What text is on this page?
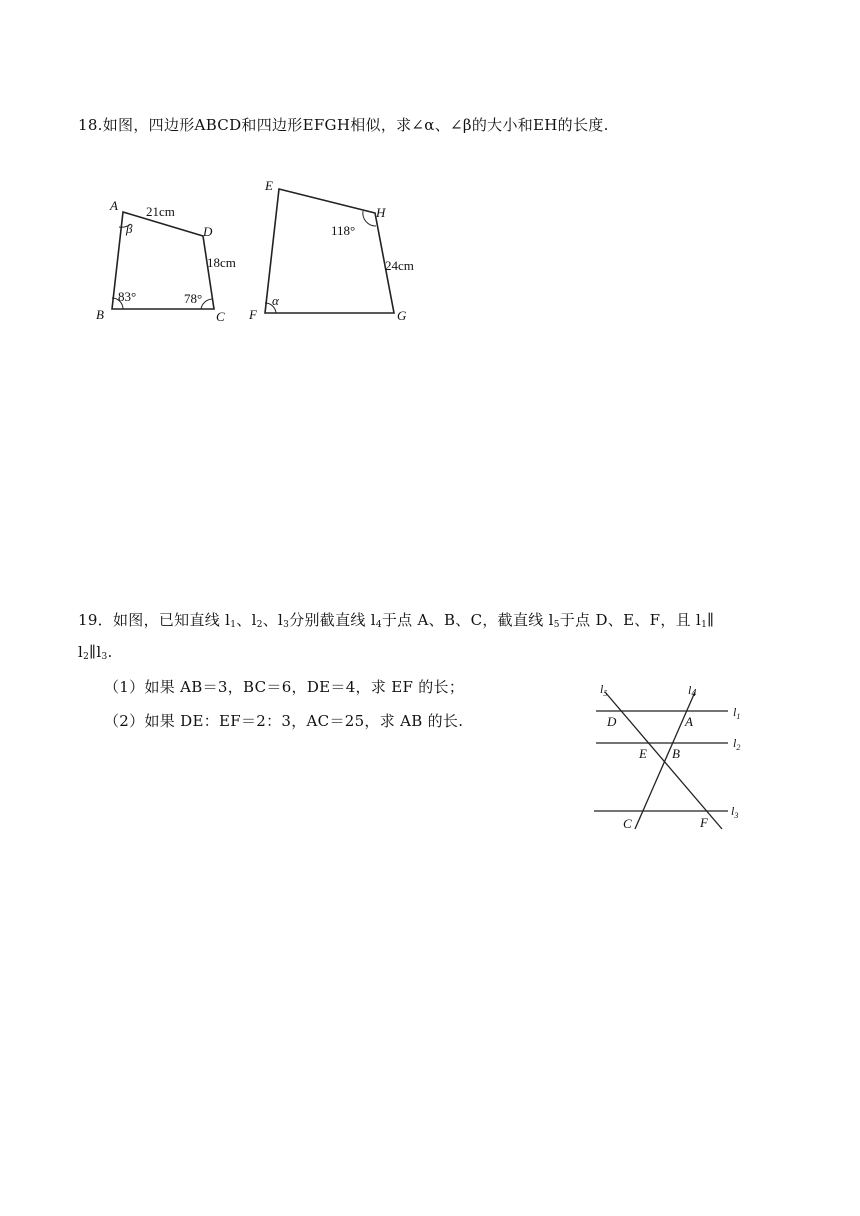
18.如图，四边形ABCD和四边形EFGH相似，求∠α、∠β的大小和EH的长度.
A
B	C
D
21cm
18cm
83°	78°
β
E
F	G
H
118°
24cm
α
19．如图，已知直线 $l_1$、$l_2$、$l_3$分别截直线 $l_4$于点 A、B、C，截直线 $l_5$于点 D、E、F，且 $l_1\parallel$
$l_2\parallel l_3$.
（1）如果 AB＝3，BC＝6，DE＝4，求 EF 的长；
（2）如果 DE：EF＝2：3，AC＝25，求 AB 的长.
$l_5$	l4
$l_1$
$l_2$
$l_3$
D	A
E B
C	F
